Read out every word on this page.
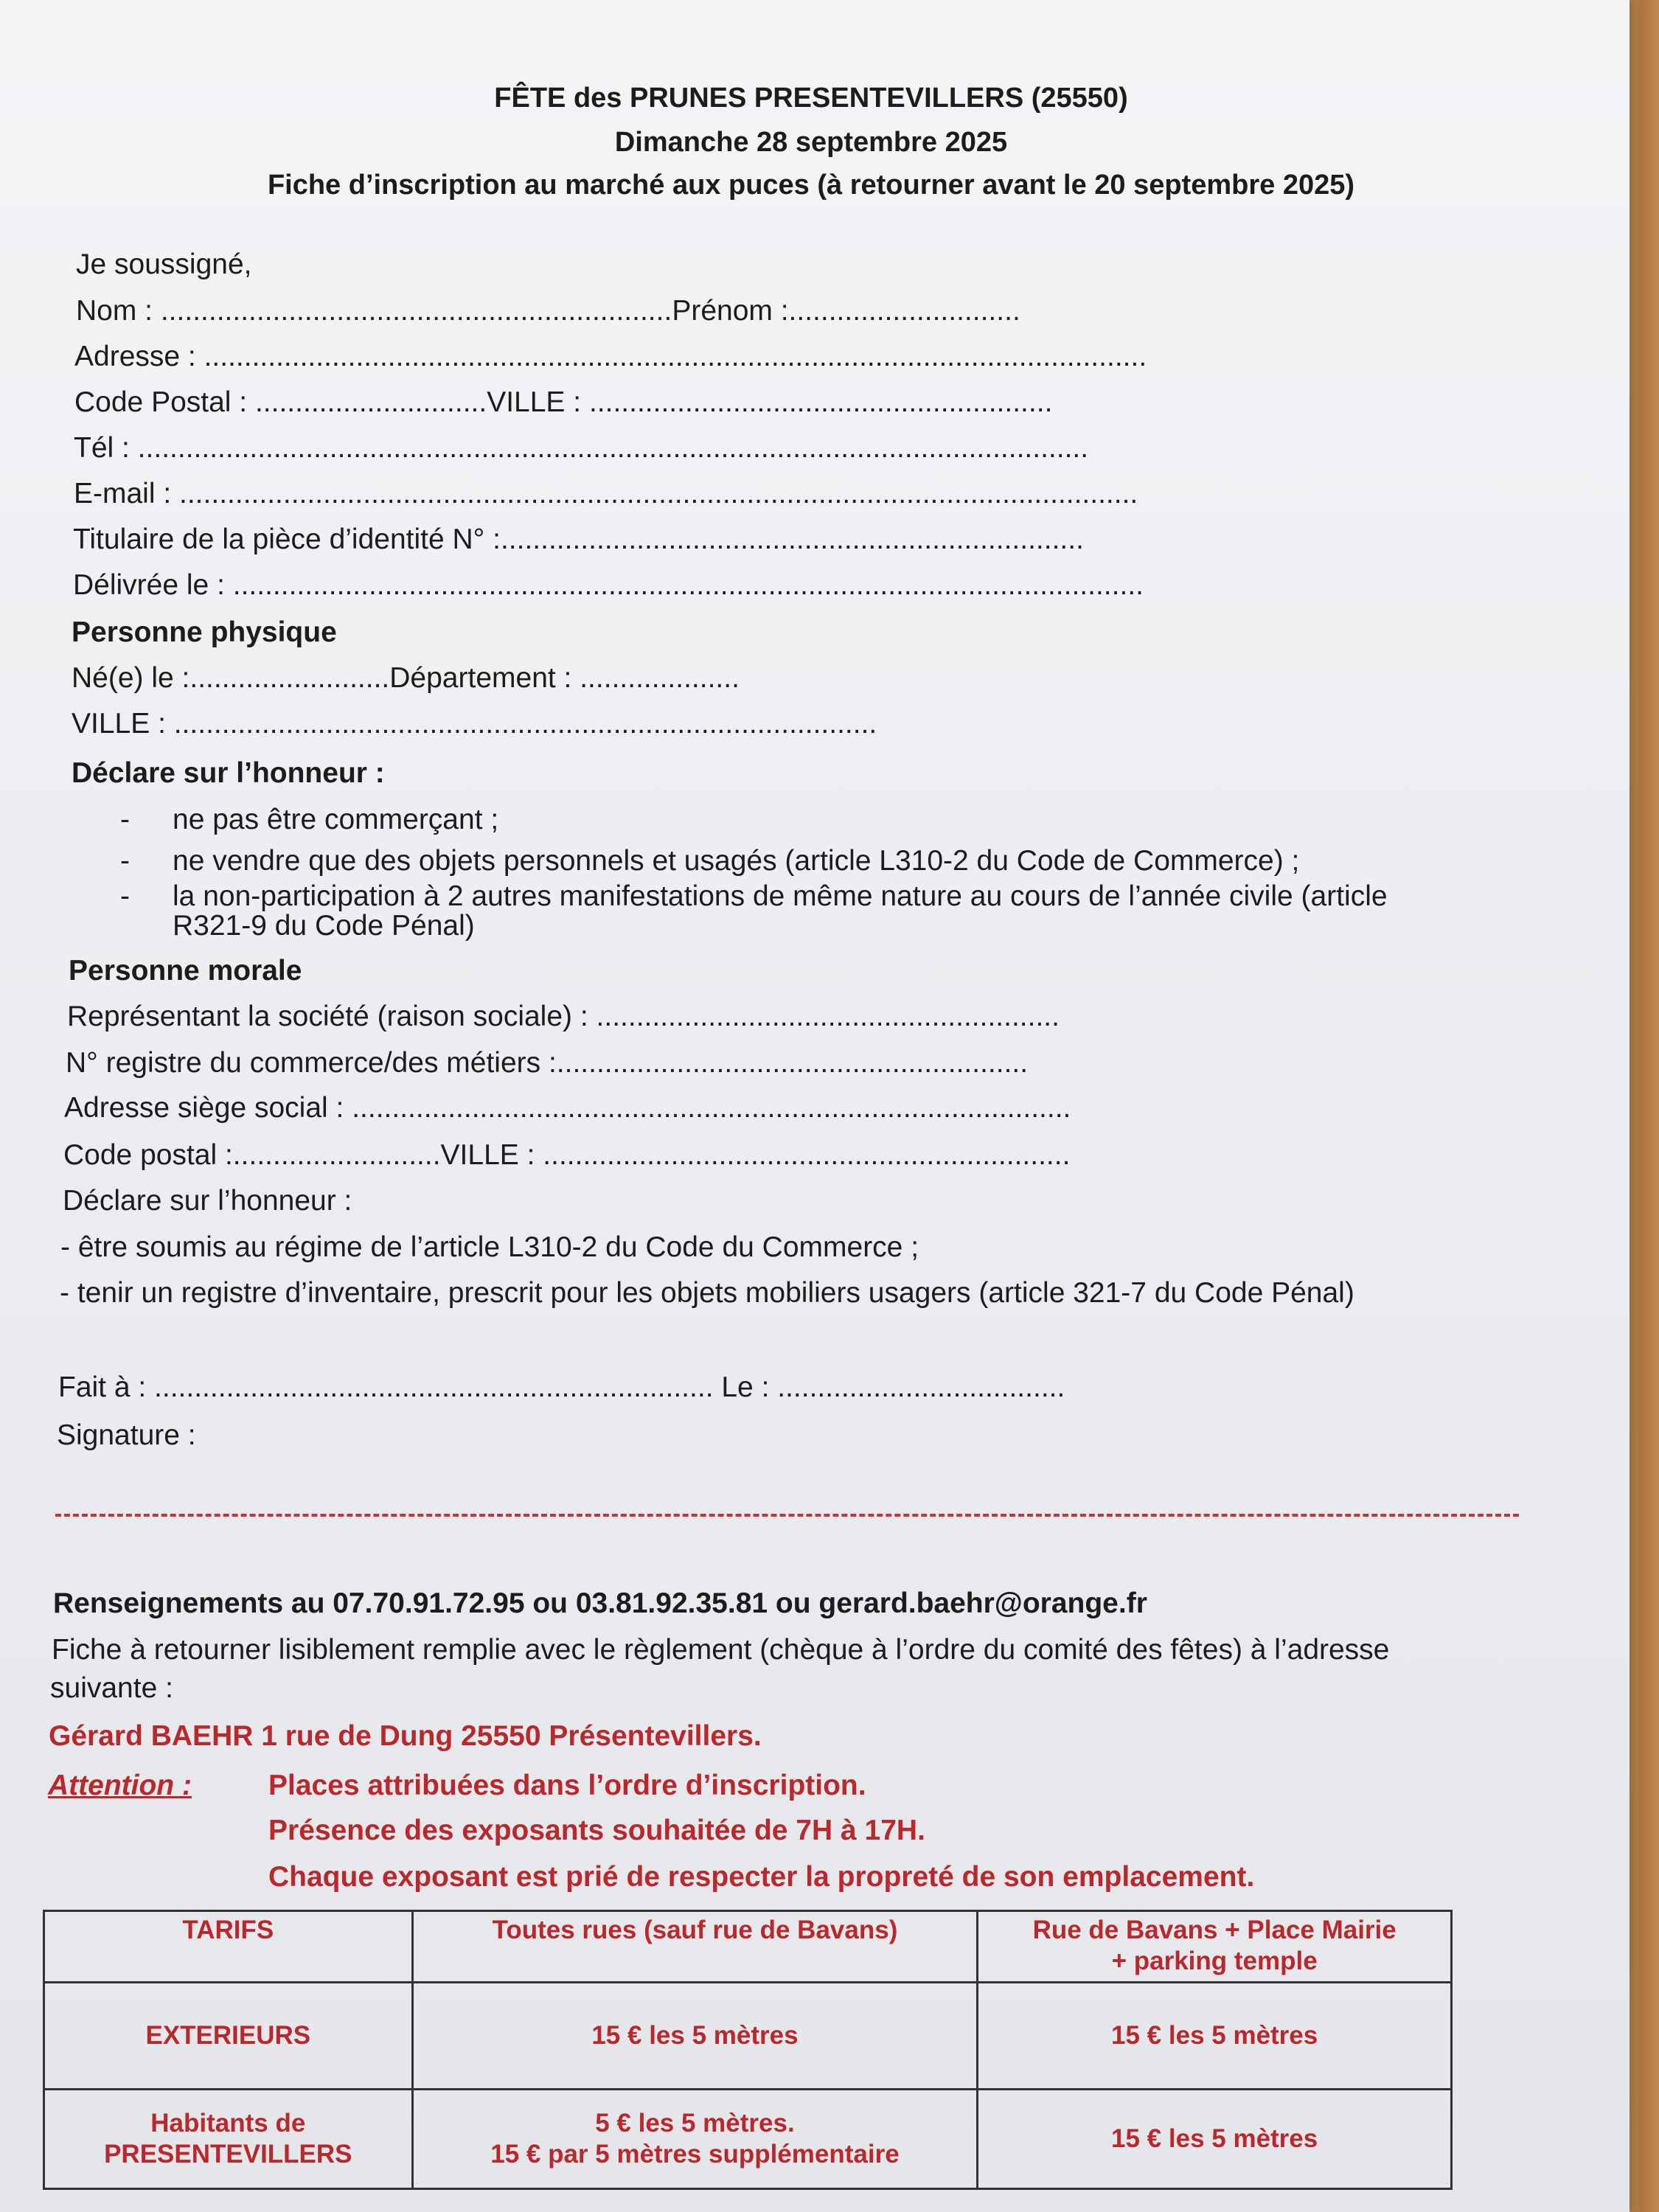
FÊTE des PRUNES PRESENTEVILLERS (25550)
Dimanche 28 septembre 2025
Fiche d’inscription au marché aux puces (à retourner avant le 20 septembre 2025)
Je soussigné,
Nom : ................................................................Prénom :.............................
Adresse : ......................................................................................................................
Code Postal : .............................VILLE : ..........................................................
Tél : .......................................................................................................................
E-mail : ........................................................................................................................
Titulaire de la pièce d’identité N° :.........................................................................
Délivrée le : ..................................................................................................................
Personne physique
Né(e) le :.........................Département : ....................
VILLE : ........................................................................................
Déclare sur l’honneur :
- ne pas être commerçant ;
- ne vendre que des objets personnels et usagés (article L310-2 du Code de Commerce) ;
- la non-participation à 2 autres manifestations de même nature au cours de l’année civile (article
R321-9 du Code Pénal)
Personne morale
Représentant la société (raison sociale) : ..........................................................
N° registre du commerce/des métiers :...........................................................
Adresse siège social : ..........................................................................................
Code postal :..........................VILLE : ..................................................................
Déclare sur l’honneur :
- être soumis au régime de l’article L310-2 du Code du Commerce ;
- tenir un registre d’inventaire, prescrit pour les objets mobiliers usagers (article 321-7 du Code Pénal)
Fait à : ...................................................................... Le : ....................................
Signature :
Renseignements au 07.70.91.72.95 ou 03.81.92.35.81 ou gerard.baehr@orange.fr
Fiche à retourner lisiblement remplie avec le règlement (chèque à l’ordre du comité des fêtes) à l’adresse
suivante :
Gérard BAEHR 1 rue de Dung 25550 Présentevillers.
Attention :	Places attribuées dans l’ordre d’inscription.
Présence des exposants souhaitée de 7H à 17H.
Chaque exposant est prié de respecter la propreté de son emplacement.
TARIFS	Toutes rues (sauf rue de Bavans)	Rue de Bavans + Place Mairie
+ parking temple
EXTERIEURS	15 € les 5 mètres	15 € les 5 mètres
Habitants de
PRESENTEVILLERS	5 € les 5 mètres.
15 € par 5 mètres supplémentaire	15 € les 5 mètres
